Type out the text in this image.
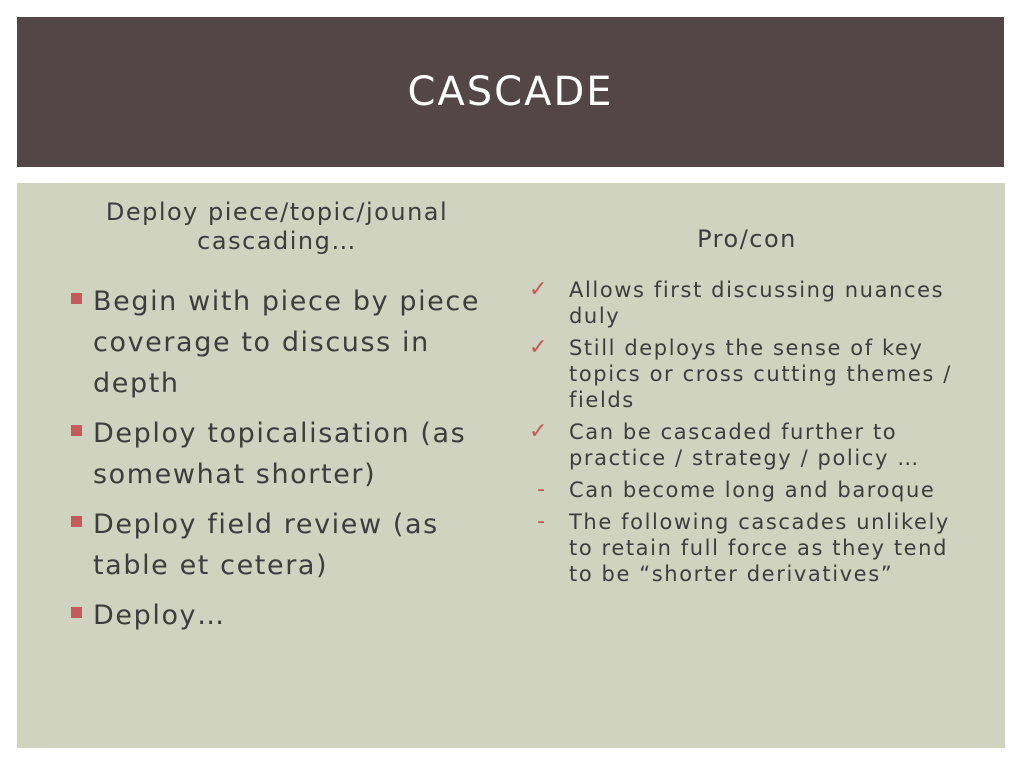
CASCADE
Deploy piece/topic/jounal
cascading…
Begin with piece by piece coverage to discuss in depth
Deploy topicalisation (as somewhat shorter)
Deploy field review (as table et cetera)
Deploy…
Pro/con
✓ Allows first discussing nuances duly
✓ Still deploys the sense of key topics or cross cutting themes / fields
✓ Can be cascaded further to practice / strategy / policy …
-	Can become long and baroque
-	The following cascades unlikely to retain full force as they tend to be “shorter derivatives”
